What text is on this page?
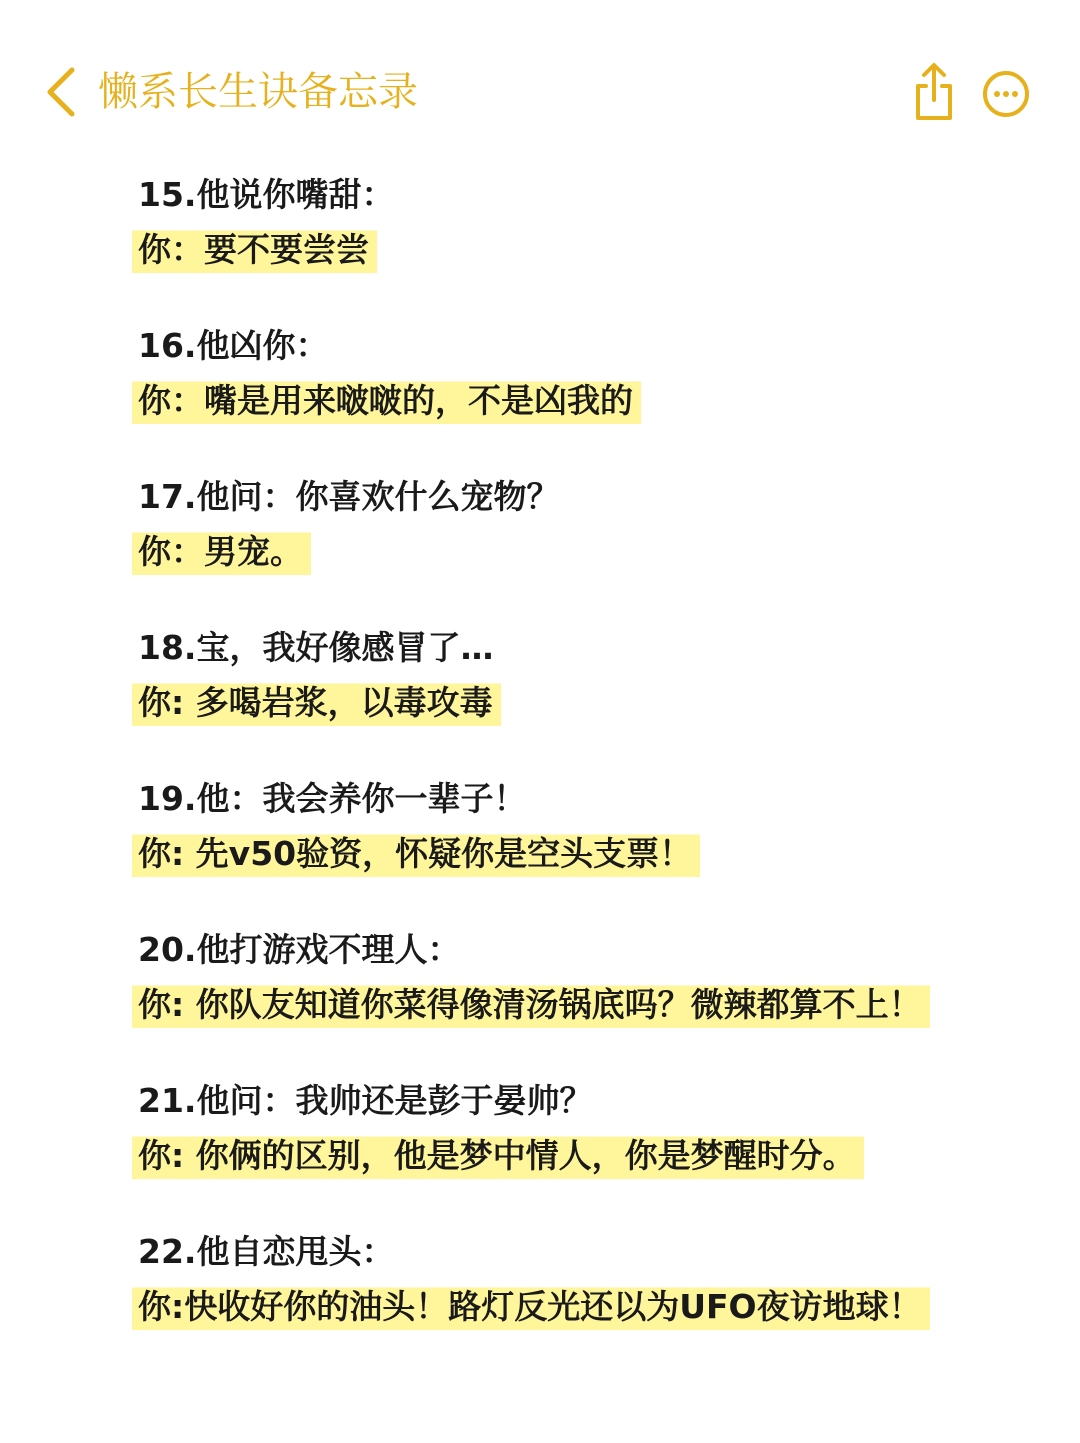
懒系长生诀备忘录
15.他说你嘴甜：
你：要不要尝尝
16.他凶你：
你：嘴是用来啵啵的，不是凶我的
17.他问：你喜欢什么宠物？
你：男宠。
18.宝，我好像感冒了…
你: 多喝岩浆，以毒攻毒
19.他：我会养你一辈子！
你: 先v50验资，怀疑你是空头支票！
20.他打游戏不理人：
你: 你队友知道你菜得像清汤锅底吗？微辣都算不上！
21.他问：我帅还是彭于晏帅？
你: 你俩的区别，他是梦中情人，你是梦醒时分。
22.他自恋甩头：
你:快收好你的油头！路灯反光还以为UFO夜访地球！
